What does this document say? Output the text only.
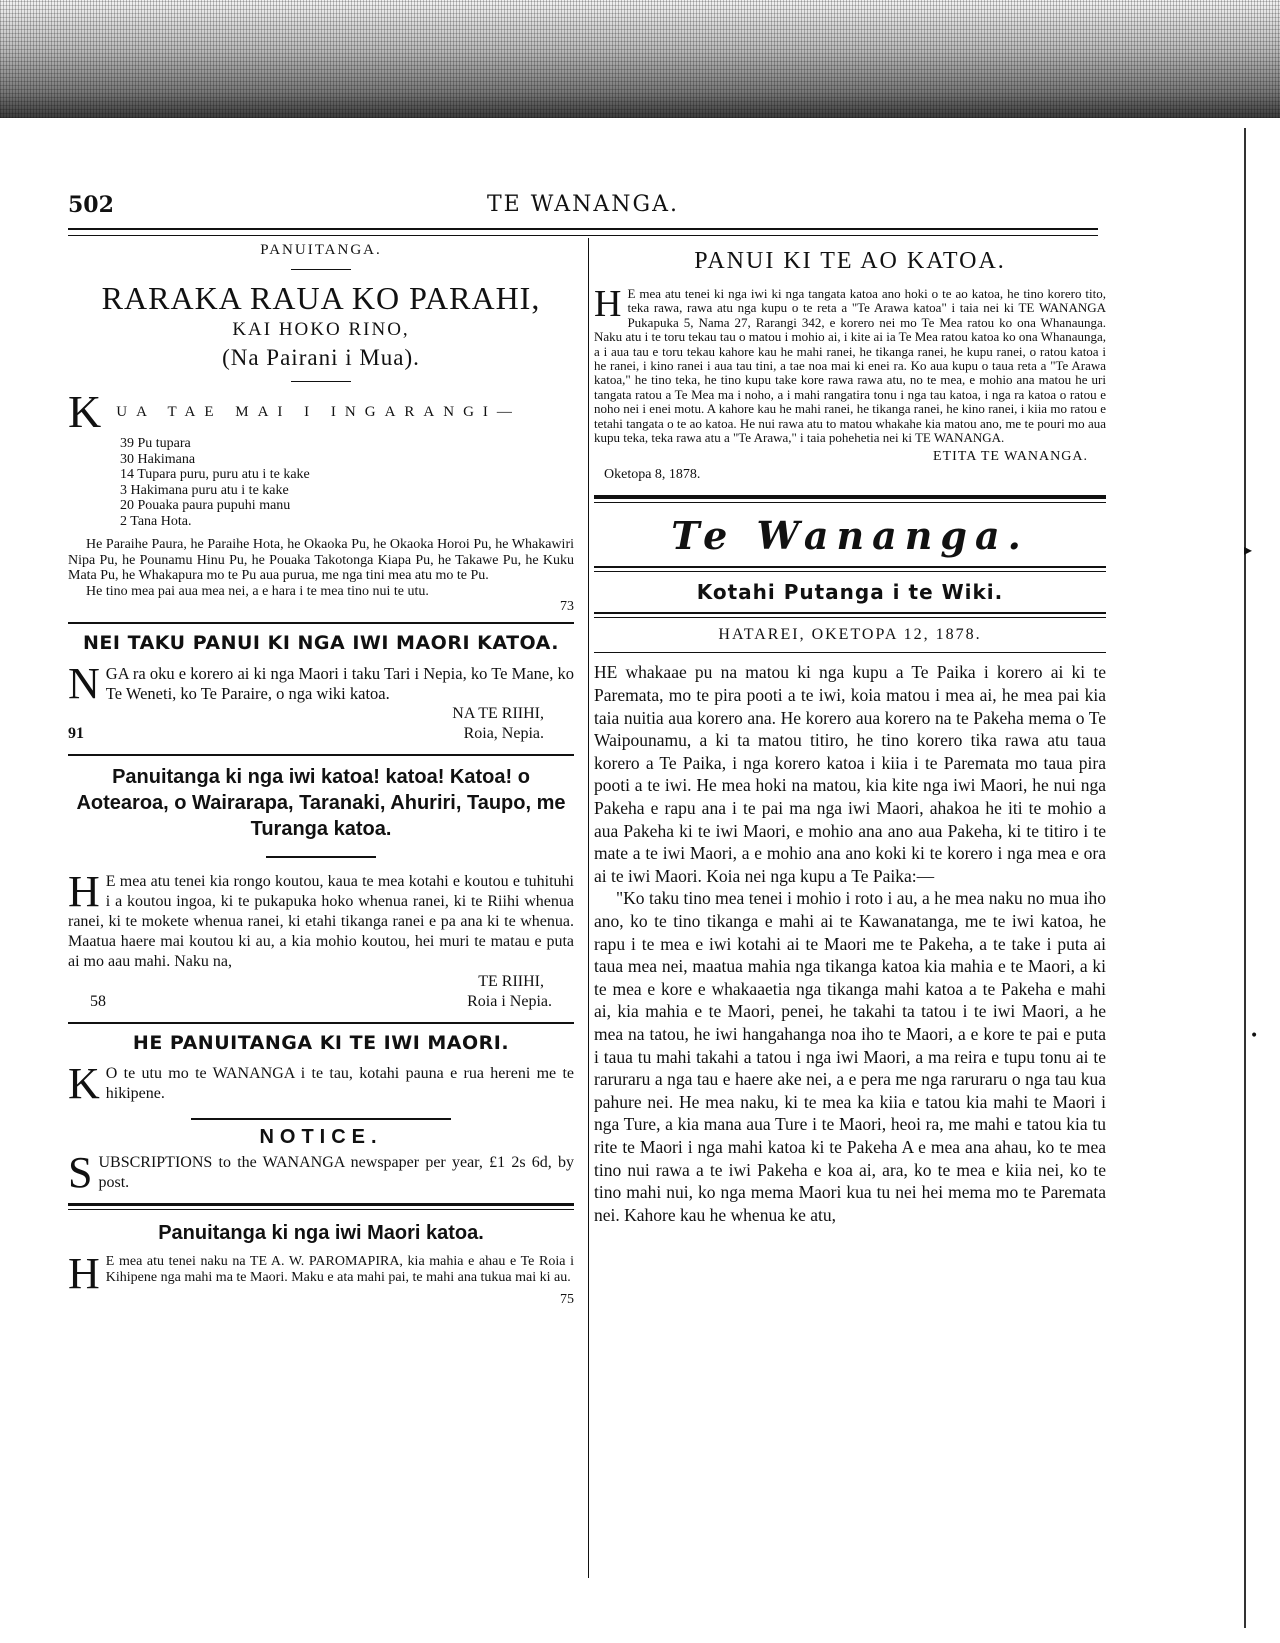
▸
•
502	TE WANANGA.
PANUITANGA.
RARAKA RAUA KO PARAHI,
KAI HOKO RINO,
(Na Pairani i Mua).
KUA TAE MAI I INGARANGI—
39 Pu tupara
30 Hakimana
14 Tupara puru, puru atu i te kake
3 Hakimana puru atu i te kake
20 Pouaka paura pupuhi manu
2 Tana Hota.

He Paraihe Paura, he Paraihe Hota, he Okaoka Pu, he Okaoka Horoi Pu, he Whakawiri Nipa Pu, he Pounamu Hinu Pu, he Pouaka Takotonga Kiapa Pu, he Takawe Pu, he Kuku Mata Pu, he Whakapura mo te Pu aua purua, me nga tini mea atu mo te Pu.

He tino mea pai aua mea nei, a e hara i te mea tino nui te utu.

73
NEI TAKU PANUI KI NGA IWI MAORI KATOA.

NGA ra oku e korero ai ki nga Maori i taku Tari i Nepia, ko Te Mane, ko Te Weneti, ko Te Paraire, o nga wiki katoa.

NA TE RIIHI,
91	Roia, Nepia.
Panuitanga ki nga iwi katoa! katoa! Katoa! o Aotearoa, o Wairarapa, Taranaki, Ahuriri, Taupo, me Turanga katoa.

H E mea atu tenei kia rongo koutou, kaua te mea kotahi e koutou e tuhituhi i a koutou ingoa, ki te pukapuka hoko whenua ranei, ki te Riihi whenua ranei, ki te mokete whenua ranei, ki etahi tikanga ranei e pa ana ki te whenua. Maatua haere mai koutou ki au, a kia mohio koutou, hei muri te matau e puta ai mo aau mahi. Naku na,

TE RIIHI,
58	Roia i Nepia.
HE PANUITANGA KI TE IWI MAORI.

K O te utu mo te WANANGA i te tau, kotahi pauna e rua hereni me te hikipene.

NOTICE.

SUBSCRIPTIONS to the WANANGA newspaper per year, £1 2s 6d, by post.

Panuitanga ki nga iwi Maori katoa.

H E mea atu tenei naku na TE A. W. PAROMAPIRA, kia mahia e ahau e Te Roia i Kihipene nga mahi ma te Maori. Maku e ata mahi pai, te mahi ana tukua mai ki au.

75
PANUI KI TE AO KATOA.

H E mea atu tenei ki nga iwi ki nga tangata katoa ano hoki o te ao katoa, he tino korero tito, teka rawa, rawa atu nga kupu o te reta a "Te Arawa katoa" i taia nei ki TE WANANGA Pukapuka 5, Nama 27, Rarangi 342, e korero nei mo Te Mea ratou ko ona Whanaunga. Naku atu i te toru tekau tau o matou i mohio ai, i kite ai ia Te Mea ratou katoa ko ona Whanaunga, a i aua tau e toru tekau kahore kau he mahi ranei, he tikanga ranei, he kupu ranei, o ratou katoa i he ranei, i kino ranei i aua tau tini, a tae noa mai ki enei ra. Ko aua kupu o taua reta a "Te Arawa katoa," he tino teka, he tino kupu take kore rawa rawa atu, no te mea, e mohio ana matou he uri tangata ratou a Te Mea ma i noho, a i mahi rangatira tonu i nga tau katoa, i nga ra katoa o ratou e noho nei i enei motu. A kahore kau he mahi ranei, he tikanga ranei, he kino ranei, i kiia mo ratou e tetahi tangata o te ao katoa. He nui rawa atu to matou whakahe kia matou ano, me te pouri mo aua kupu teka, teka rawa atu a "Te Arawa," i taia pohehetia nei ki TE WANANGA.

ETITA TE WANANGA.
Oketopa 8, 1878.
Te Wananga.
Kotahi Putanga i te Wiki.
HATAREI, OKETOPA 12, 1878.

HE whakaae pu na matou ki nga kupu a Te Paika i korero ai ki te Paremata, mo te pira pooti a te iwi, koia matou i mea ai, he mea pai kia taia nuitia aua korero ana. He korero aua korero na te Pakeha mema o Te Waipounamu, a ki ta matou titiro, he tino korero tika rawa atu taua korero a Te Paika, i nga korero katoa i kiia i te Paremata mo taua pira pooti a te iwi. He mea hoki na matou, kia kite nga iwi Maori, he nui nga Pakeha e rapu ana i te pai ma nga iwi Maori, ahakoa he iti te mohio a aua Pakeha ki te iwi Maori, e mohio ana ano aua Pakeha, ki te titiro i te mate a te iwi Maori, a e mohio ana ano koki ki te korero i nga mea e ora ai te iwi Maori. Koia nei nga kupu a Te Paika:—

"Ko taku tino mea tenei i mohio i roto i au, a he mea naku no mua iho ano, ko te tino tikanga e mahi ai te Kawanatanga, me te iwi katoa, he rapu i te mea e iwi kotahi ai te Maori me te Pakeha, a te take i puta ai taua mea nei, maatua mahia nga tikanga katoa kia mahia e te Maori, a ki te mea e kore e whakaaetia nga tikanga mahi katoa a te Pakeha e mahi ai, kia mahia e te Maori, penei, he takahi ta tatou i te iwi Maori, a he mea na tatou, he iwi hangahanga noa iho te Maori, a e kore te pai e puta i taua tu mahi takahi a tatou i nga iwi Maori, a ma reira e tupu tonu ai te raruraru a nga tau e haere ake nei, a e pera me nga raruraru o nga tau kua pahure nei. He mea naku, ki te mea ka kiia e tatou kia mahi te Maori i nga Ture, a kia mana aua Ture i te Maori, heoi ra, me mahi e tatou kia tu rite te Maori i nga mahi katoa ki te Pakeha A e mea ana ahau, ko te mea tino nui rawa a te iwi Pakeha e koa ai, ara, ko te mea e kiia nei, ko te tino mahi nui, ko nga mema Maori kua tu nei hei mema mo te Paremata nei. Kahore kau he whenua ke atu,
